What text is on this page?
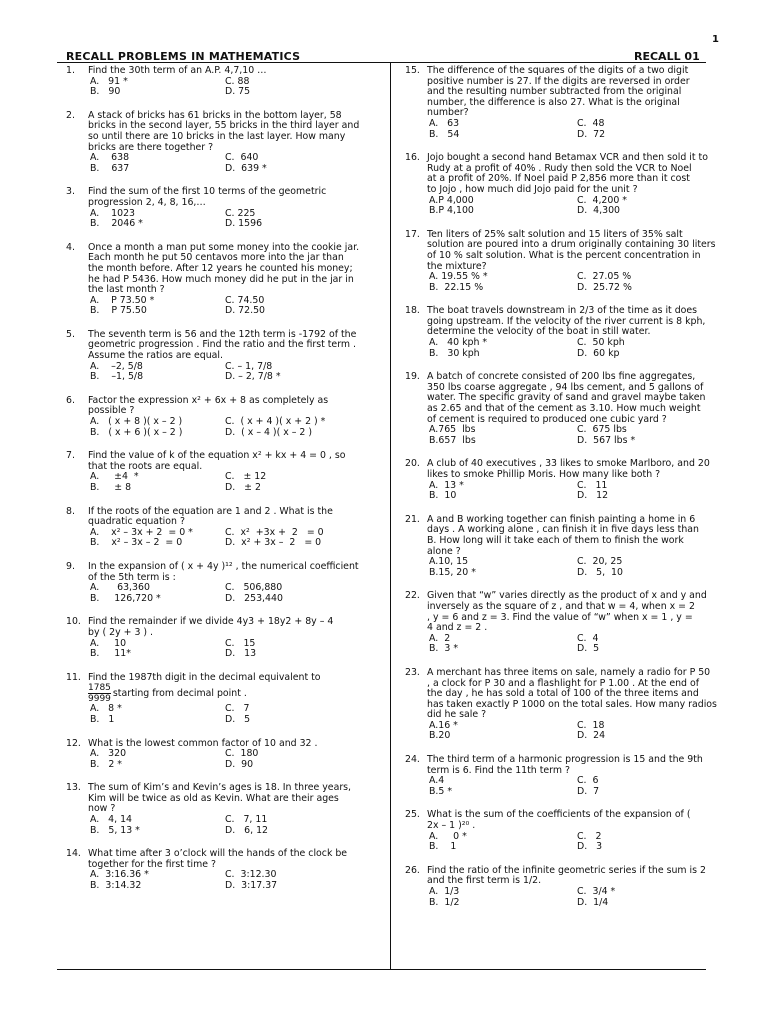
1
RECALL PROBLEMS IN MATHEMATICS	RECALL 01
1. Find the 30th term of an A.P. 4,7,10 …
A.   91 *	C. 88
B.   90	D. 75
2. A stack of bricks has 61 bricks in the bottom layer, 58
bricks in the second layer, 55 bricks in the third layer and
so until there are 10 bricks in the last layer. How many
bricks are there together ?
A.    638	C.  640
B.    637	D.  639 *
3. Find the sum of the first 10 terms of the geometric
progression 2, 4, 8, 16,…
A.    1023	C. 225
B.    2046 *	D. 1596
4. Once a month a man put some money into the cookie jar.
Each month he put 50 centavos more into the jar than
the month before. After 12 years he counted his money;
he had P 5436. How much money did he put in the jar in
the last month ?
A.    P 73.50 *	C. 74.50
B.    P 75.50	D. 72.50
5. The seventh term is 56 and the 12th term is -1792 of the
geometric progression . Find the ratio and the first term .
Assume the ratios are equal.
A.    –2, 5/8	C. – 1, 7/8
B.    –1, 5/8	D. – 2, 7/8 *
6. Factor the expression x² + 6x + 8 as completely as
possible ?
A.   ( x + 8 )( x – 2 )	C.  ( x + 4 )( x + 2 ) *
B.   ( x + 6 )( x – 2 )	D.  ( x – 4 )( x – 2 )
7. Find the value of k of the equation x² + kx + 4 = 0 , so
that the roots are equal.
A.     ±4  *	C.   ± 12
B.     ± 8	D.   ± 2
8. If the roots of the equation are 1 and 2 . What is the
quadratic equation ?
A.    x² – 3x + 2  = 0 *	C.  x²  +3x +  2   = 0
B.    x² – 3x – 2  = 0	D.  x² + 3x –  2   = 0
9. In the expansion of ( x + 4y )¹² , the numerical coefficient
of the 5th term is :
A.      63,360	C.   506,880
B.     126,720 *	D.   253,440
10. Find the remainder if we divide 4y3 + 18y2 + 8y – 4
by ( 2y + 3 ) .
A.     10	C.   15
B.     11*	D.   13
11. Find the 1987th digit in the decimal equivalent to
$\frac{1785}{9999}$ starting from decimal point .
A.   8 *	C.   7
B.   1	D.   5
12. What is the lowest common factor of 10 and 32 .
A.   320	C.  180
B.   2 *	D.  90
13. The sum of Kim’s and Kevin’s ages is 18. In three years,
Kim will be twice as old as Kevin. What are their ages
now ?
A.   4, 14	C.   7, 11
B.   5, 13 *	D.   6, 12
14. What time after 3 o’clock will the hands of the clock be
together for the first time ?
A.  3:16.36 *	C.  3:12.30
B.  3:14.32	D.  3:17.37
15. The difference of the squares of the digits of a two digit
positive number is 27. If the digits are reversed in order
and the resulting number subtracted from the original
number, the difference is also 27. What is the original
number?
A.   63	C.  48
B.   54	D.  72
16. Jojo bought a second hand Betamax VCR and then sold it to
Rudy at a profit of 40% . Rudy then sold the VCR to Noel
at a profit of 20%. If Noel paid P 2,856 more than it cost
to Jojo , how much did Jojo paid for the unit ?
A.P 4,000	C.  4,200 *
B.P 4,100	D.  4,300
17. Ten liters of 25% salt solution and 15 liters of 35% salt
solution are poured into a drum originally containing 30 liters
of 10 % salt solution. What is the percent concentration in
the mixture?
A. 19.55 % *	C.  27.05 %
B.  22.15 %	D.  25.72 %
18. The boat travels downstream in 2/3 of the time as it does
going upstream. If the velocity of the river current is 8 kph,
determine the velocity of the boat in still water.
A.   40 kph *	C.  50 kph
B.   30 kph	D.  60 kp
19. A batch of concrete consisted of 200 lbs fine aggregates,
350 lbs coarse aggregate , 94 lbs cement, and 5 gallons of
water. The specific gravity of sand and gravel maybe taken
as 2.65 and that of the cement as 3.10. How much weight
of cement is required to produced one cubic yard ?
A.765  lbs	C.  675 lbs
B.657  lbs	D.  567 lbs *
20. A club of 40 executives , 33 likes to smoke Marlboro, and 20
likes to smoke Phillip Moris. How many like both ?
A.  13 *	C.   11
B.  10	D.   12
21. A and B working together can finish painting a home in 6
days . A working alone , can finish it in five days less than
B. How long will it take each of them to finish the work
alone ?
A.10, 15	C.  20, 25
B.15, 20 *	D.   5,  10
22. Given that “w” varies directly as the product of x and y and
inversely as the square of z , and that w = 4, when x = 2
, y = 6 and z = 3. Find the value of “w” when x = 1 , y =
4 and z = 2 .
A.  2	C.  4
B.  3 *	D.  5
23. A merchant has three items on sale, namely a radio for P 50
, a clock for P 30 and a flashlight for P 1.00 . At the end of
the day , he has sold a total of 100 of the three items and
has taken exactly P 1000 on the total sales. How many radios
did he sale ?
A.16 *	C.  18
B.20	D.  24
24. The third term of a harmonic progression is 15 and the 9th
term is 6. Find the 11th term ?
A.4	C.  6
B.5 *	D.  7
25. What is the sum of the coefficients of the expansion of (
2x – 1 )²⁰ .
A.     0 *	C.   2
B.    1	D.   3
26. Find the ratio of the infinite geometric series if the sum is 2
and the first term is 1/2.
A.  1/3	C.  3/4 *
B.  1/2	D.  1/4
